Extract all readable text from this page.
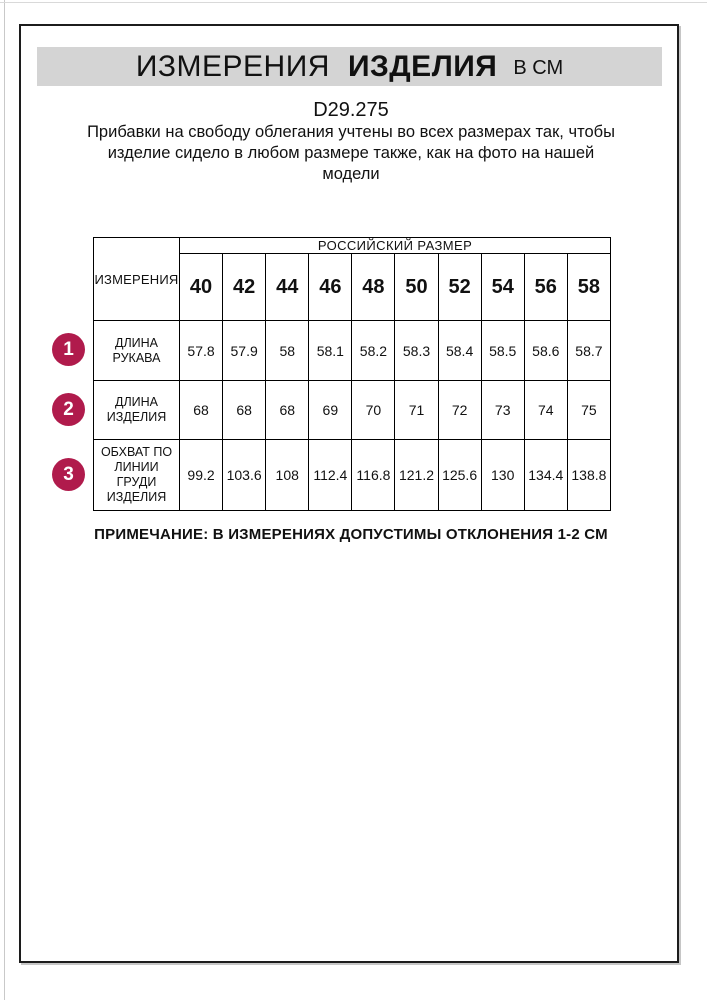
ИЗМЕРЕНИЯ ИЗДЕЛИЯ В СМ
D29.275
Прибавки на свободу облегания учтены во всех размерах так, чтобы
изделие сидело в любом размере также, как на фото на нашей
модели
ИЗМЕРЕНИЯ	РОССИЙСКИЙ РАЗМЕР									
	40	42	44	46	48	50	52	54	56	58
ДЛИНА РУКАВА	57.8	57.9	58	58.1	58.2	58.3	58.4	58.5	58.6	58.7
ДЛИНА ИЗДЕЛИЯ	68	68	68	69	70	71	72	73	74	75
ОБХВАТ ПО ЛИНИИ ГРУДИ ИЗДЕЛИЯ	99.2	103.6	108	112.4	116.8	121.2	125.6	130	134.4	138.8
1
2
3
ПРИМЕЧАНИЕ: В ИЗМЕРЕНИЯХ ДОПУСТИМЫ ОТКЛОНЕНИЯ 1-2 СМ
